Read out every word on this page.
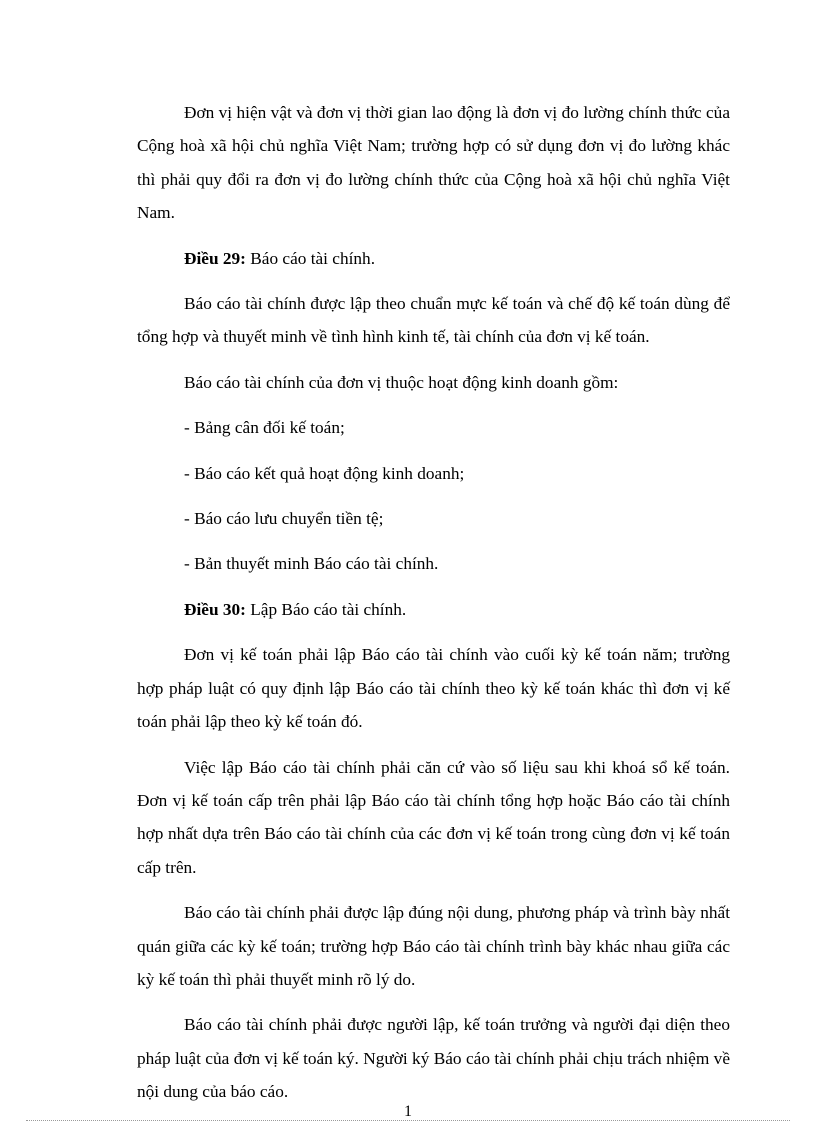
Đơn vị hiện vật và đơn vị thời gian lao động là đơn vị đo lường chính thức của Cộng hoà xã hội chủ nghĩa Việt Nam; trường hợp có sử dụng đơn vị đo lường khác thì phải quy đổi ra đơn vị đo lường chính thức của Cộng hoà xã hội chủ nghĩa Việt Nam.

Điều 29: Báo cáo tài chính.

Báo cáo tài chính được lập theo chuẩn mực kế toán và chế độ kế toán dùng để tổng hợp và thuyết minh về tình hình kinh tế, tài chính của đơn vị kế toán.

Báo cáo tài chính của đơn vị thuộc hoạt động kinh doanh gồm:

- Bảng cân đối kế toán;

- Báo cáo kết quả hoạt động kinh doanh;

- Báo cáo lưu chuyển tiền tệ;

- Bản thuyết minh Báo cáo tài chính.

Điều 30: Lập Báo cáo tài chính.

Đơn vị kế toán phải lập Báo cáo tài chính vào cuối kỳ kế toán năm; trường hợp pháp luật có quy định lập Báo cáo tài chính theo kỳ kế toán khác thì đơn vị kế toán phải lập theo kỳ kế toán đó.

Việc lập Báo cáo tài chính phải căn cứ vào số liệu sau khi khoá sổ kế toán. Đơn vị kế toán cấp trên phải lập Báo cáo tài chính tổng hợp hoặc Báo cáo tài chính hợp nhất dựa trên Báo cáo tài chính của các đơn vị kế toán trong cùng đơn vị kế toán cấp trên.

Báo cáo tài chính phải được lập đúng nội dung, phương pháp và trình bày nhất quán giữa các kỳ kế toán; trường hợp Báo cáo tài chính trình bày khác nhau giữa các kỳ kế toán thì phải thuyết minh rõ lý do.

Báo cáo tài chính phải được người lập, kế toán trưởng và người đại diện theo pháp luật của đơn vị kế toán ký. Người ký Báo cáo tài chính phải chịu trách nhiệm về nội dung của báo cáo.

1
